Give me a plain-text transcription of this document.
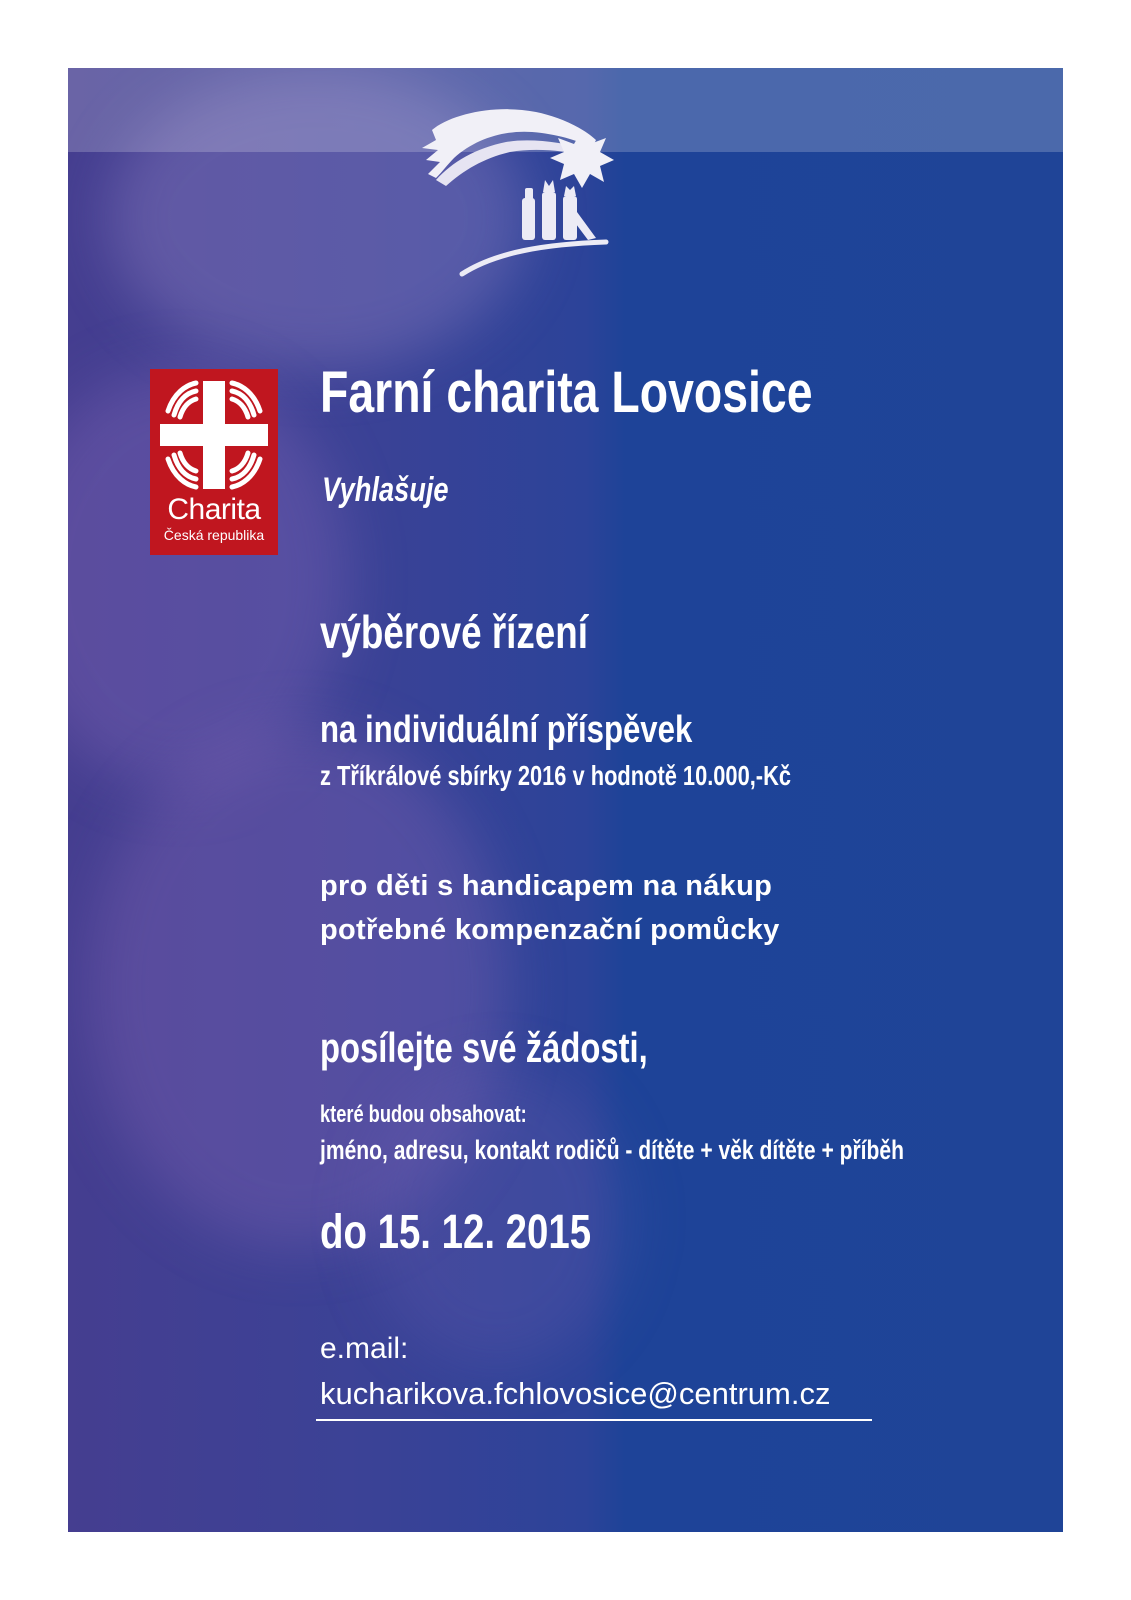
Charita
Česká republika
Farní charita Lovosice
Vyhlašuje
výběrové řízení
na individuální příspěvek
z Tříkrálové sbírky 2016 v hodnotě 10.000,-Kč
pro děti s handicapem na nákup
potřebné kompenzační pomůcky
posílejte své žádosti,
které budou obsahovat:
jméno, adresu, kontakt rodičů - dítěte + věk dítěte + příběh
do 15. 12. 2015
e.mail:
kucharikova.fchlovosice@centrum.cz
